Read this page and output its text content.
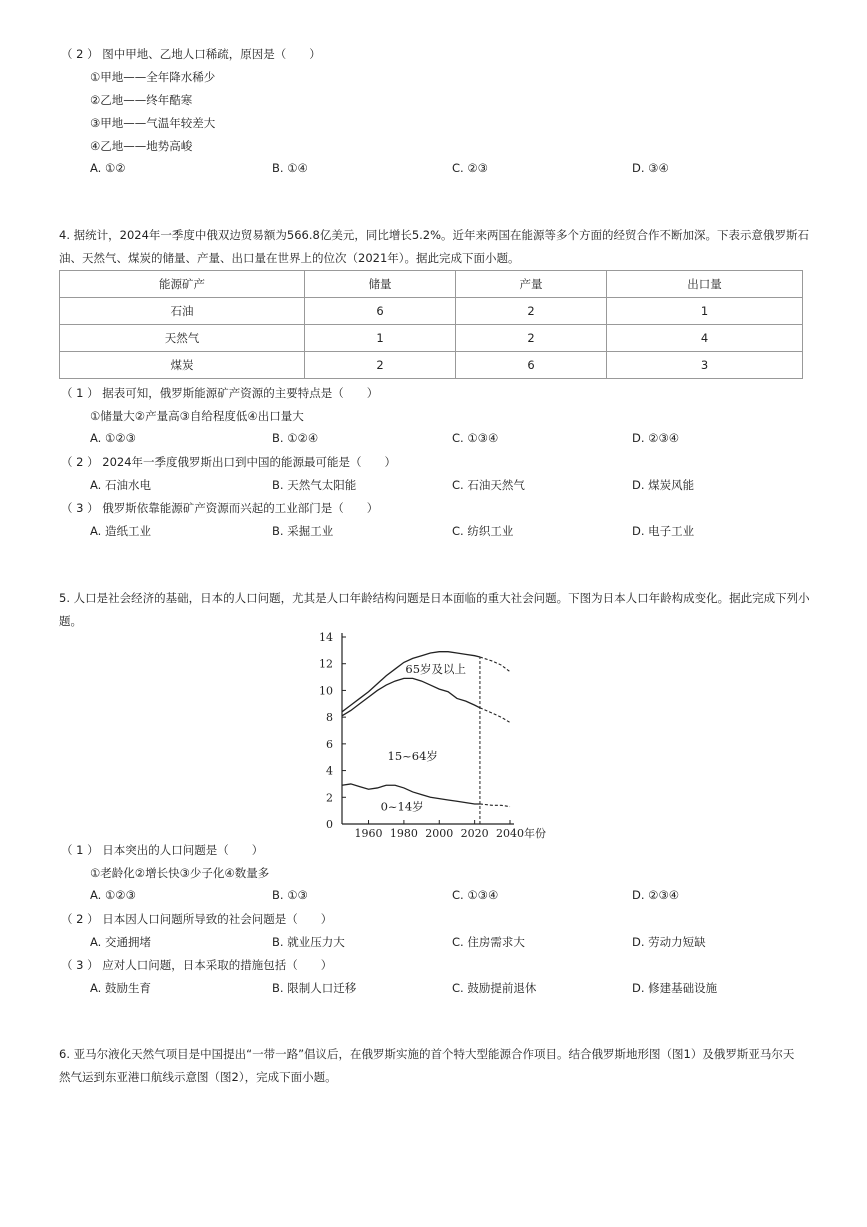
（ 2 ） 图中甲地、乙地人口稀疏，原因是（　　）
①甲地——全年降水稀少
②乙地——终年酷寒
③甲地——气温年较差大
④乙地——地势高峻
A. ①②	B. ①④	C. ②③	D. ③④
4. 据统计，2024年一季度中俄双边贸易额为566.8亿美元，同比增长5.2%。近年来两国在能源等多个方面的经贸合作不断加深。下表示意俄罗斯石
油、天然气、煤炭的储量、产量、出口量在世界上的位次（2021年）。据此完成下面小题。
能源矿产	储量	产量	出口量
石油	6	2	1
天然气	1	2	4
煤炭	2	6	3
（ 1 ） 据表可知，俄罗斯能源矿产资源的主要特点是（　　）
①储量大②产量高③自给程度低④出口量大
A. ①②③	B. ①②④	C. ①③④	D. ②③④
（ 2 ） 2024年一季度俄罗斯出口到中国的能源最可能是（　　）
A. 石油水电	B. 天然气太阳能	C. 石油天然气	D. 煤炭风能
（ 3 ） 俄罗斯依靠能源矿产资源而兴起的工业部门是（　　）
A. 造纸工业	B. 采掘工业	C. 纺织工业	D. 电子工业
5. 人口是社会经济的基础，日本的人口问题，尤其是人口年龄结构问题是日本面临的重大社会问题。下图为日本人口年龄构成变化。据此完成下列小
题。
0
2
4
6
8
10
12
14
1960 1980 2000 2020 2040 年份
65岁及以上
15~64岁
0~14岁
（ 1 ） 日本突出的人口问题是（　　）
①老龄化②增长快③少子化④数量多
A. ①②③	B. ①③	C. ①③④	D. ②③④
（ 2 ） 日本因人口问题所导致的社会问题是（　　）
A. 交通拥堵	B. 就业压力大	C. 住房需求大	D. 劳动力短缺
（ 3 ） 应对人口问题，日本采取的措施包括（　　）
A. 鼓励生育	B. 限制人口迁移	C. 鼓励提前退休	D. 修建基础设施
6. 亚马尔液化天然气项目是中国提出“一带一路”倡议后，在俄罗斯实施的首个特大型能源合作项目。结合俄罗斯地形图（图1）及俄罗斯亚马尔天
然气运到东亚港口航线示意图（图2），完成下面小题。
